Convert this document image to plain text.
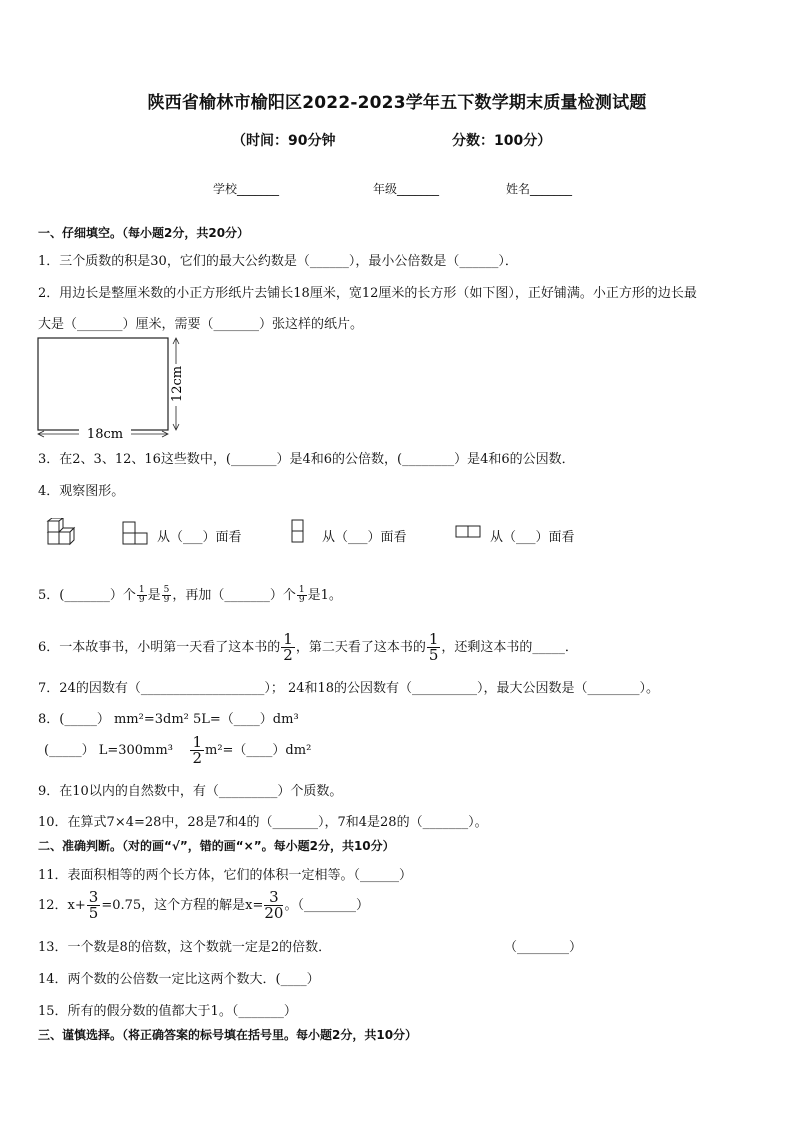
陕西省榆林市榆阳区2022-2023学年五下数学期末质量检测试题
（时间：90分钟	分数：100分）
学校_______	年级_______	姓名_______
一、仔细填空。（每小题2分，共20分）
1．三个质数的积是30，它们的最大公约数是（______），最小公倍数是（______）．
2．用边长是整厘米数的小正方形纸片去铺长18厘米，宽12厘米的长方形（如下图），正好铺满。小正方形的边长最
大是（_______）厘米，需要（_______）张这样的纸片。
18cm
12cm
3．在2、3、12、16这些数中，(_______）是4和6的公倍数，(________）是4和6的公因数．
4．观察图形。
从（___）面看	从（___）面看	从（___）面看
5．(_______）个 $\frac{1}{9}$ 是 $\frac{5}{9}$ ，再加（_______）个 $\frac{1}{9}$ 是1。
6．一本故事书，小明第一天看了这本书的 $\frac{1}{2}$ ，第二天看了这本书的 $\frac{1}{5}$ ，还剩这本书的_____．
7．24的因数有（___________________）； 24和18的公因数有（__________），最大公因数是（________）。
8．(_____） mm²=3dm² 5L=（____）dm³
(_____） $L=300mm^3 \frac{1}{2}$ m²=（____）dm²
9．在10以内的自然数中，有（_________）个质数。
10．在算式7×4=28中，28是7和4的（_______），7和4是28的（_______）。
二、准确判断。（对的画“√”，错的画“×”。每小题2分，共10分）
11．表面积相等的两个长方体，它们的体积一定相等。（______）
12．$x+ \frac{3}{5} =0.75$，这个方程的解是$x= \frac{3}{20}$ 。（________）
13．一个数是8的倍数，这个数就一定是2的倍数．	（________）
14．两个数的公倍数一定比这两个数大．(____）
15．所有的假分数的值都大于1。（_______）
三、谨慎选择。（将正确答案的标号填在括号里。每小题2分，共10分）
